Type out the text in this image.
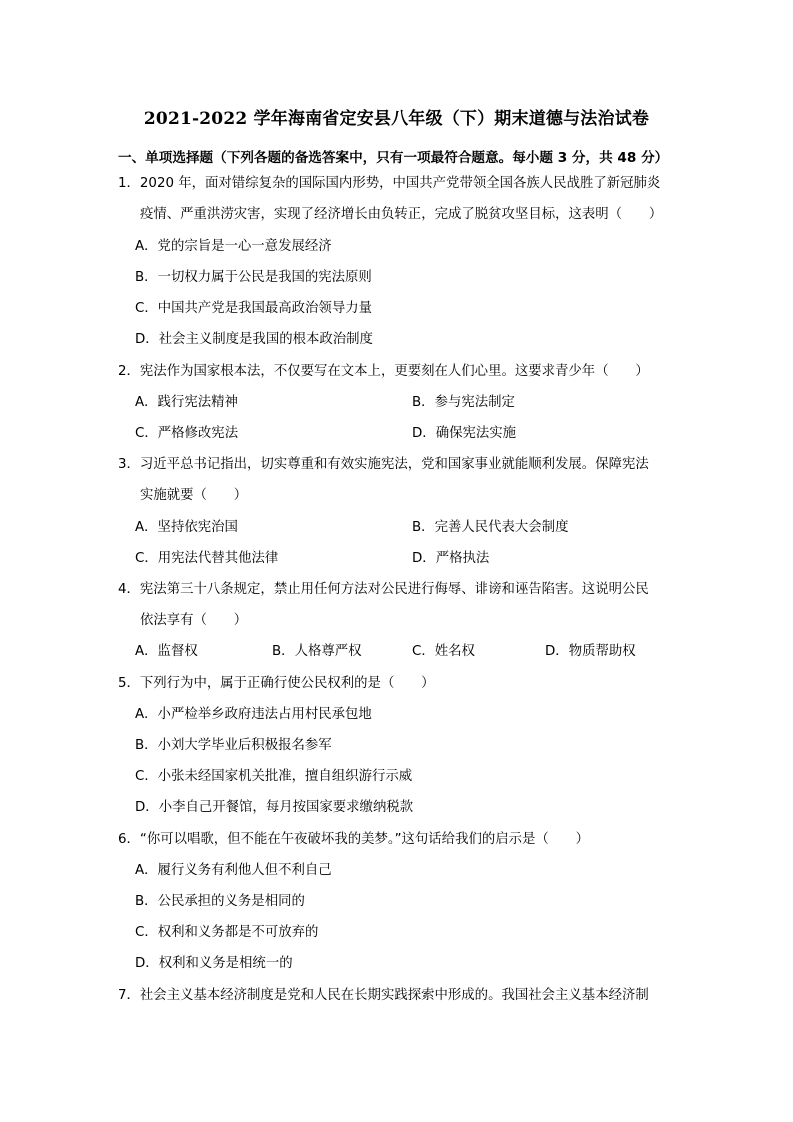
2021-2022 学年海南省定安县八年级（下）期末道德与法治试卷
一、单项选择题（下列各题的备选答案中，只有一项最符合题意。每小题 3 分，共 48 分）
1．2020 年，面对错综复杂的国际国内形势，中国共产党带领全国各族人民战胜了新冠肺炎
疫情、严重洪涝灾害，实现了经济增长由负转正，完成了脱贫攻坚目标，这表明（　　）
A．党的宗旨是一心一意发展经济
B．一切权力属于公民是我国的宪法原则
C．中国共产党是我国最高政治领导力量
D．社会主义制度是我国的根本政治制度
2．宪法作为国家根本法，不仅要写在文本上，更要刻在人们心里。这要求青少年（　　）
A．践行宪法精神	B．参与宪法制定
C．严格修改宪法	D．确保宪法实施
3．习近平总书记指出，切实尊重和有效实施宪法，党和国家事业就能顺利发展。保障宪法
实施就要（　　）
A．坚持依宪治国	B．完善人民代表大会制度
C．用宪法代替其他法律	D．严格执法
4．宪法第三十八条规定，禁止用任何方法对公民进行侮辱、诽谤和诬告陷害。这说明公民
依法享有（　　）
A．监督权	B．人格尊严权	C．姓名权	D．物质帮助权
5．下列行为中，属于正确行使公民权利的是（　　）
A．小严检举乡政府违法占用村民承包地
B．小刘大学毕业后积极报名参军
C．小张未经国家机关批准，擅自组织游行示威
D．小李自己开餐馆，每月按国家要求缴纳税款
6．“你可以唱歌，但不能在午夜破坏我的美梦。”这句话给我们的启示是（　　）
A．履行义务有利他人但不利自己
B．公民承担的义务是相同的
C．权利和义务都是不可放弃的
D．权利和义务是相统一的
7．社会主义基本经济制度是党和人民在长期实践探索中形成的。我国社会主义基本经济制
